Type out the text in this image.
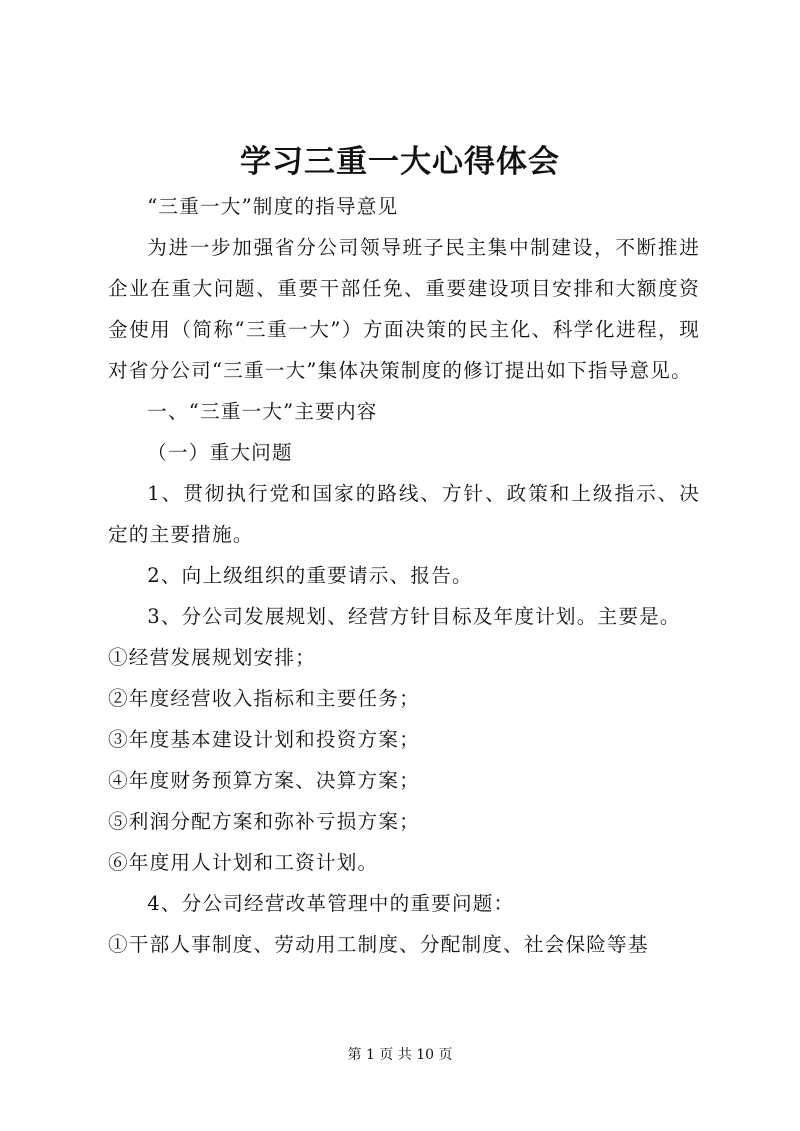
学习三重一大心得体会

“三重一大”制度的指导意见

为进一步加强省分公司领导班子民主集中制建设，不断推进企业在重大问题、重要干部任免、重要建设项目安排和大额度资金使用（简称“三重一大”）方面决策的民主化、科学化进程，现对省分公司“三重一大”集体决策制度的修订提出如下指导意见。

一、“三重一大”主要内容

（一）重大问题

1、贯彻执行党和国家的路线、方针、政策和上级指示、决定的主要措施。

2、向上级组织的重要请示、报告。

3、分公司发展规划、经营方针目标及年度计划。主要是。

①经营发展规划安排；

②年度经营收入指标和主要任务；

③年度基本建设计划和投资方案；

④年度财务预算方案、决算方案；

⑤利润分配方案和弥补亏损方案；

⑥年度用人计划和工资计划。

4、分公司经营改革管理中的重要问题：

①干部人事制度、劳动用工制度、分配制度、社会保险等基

第 1 页 共 10 页
